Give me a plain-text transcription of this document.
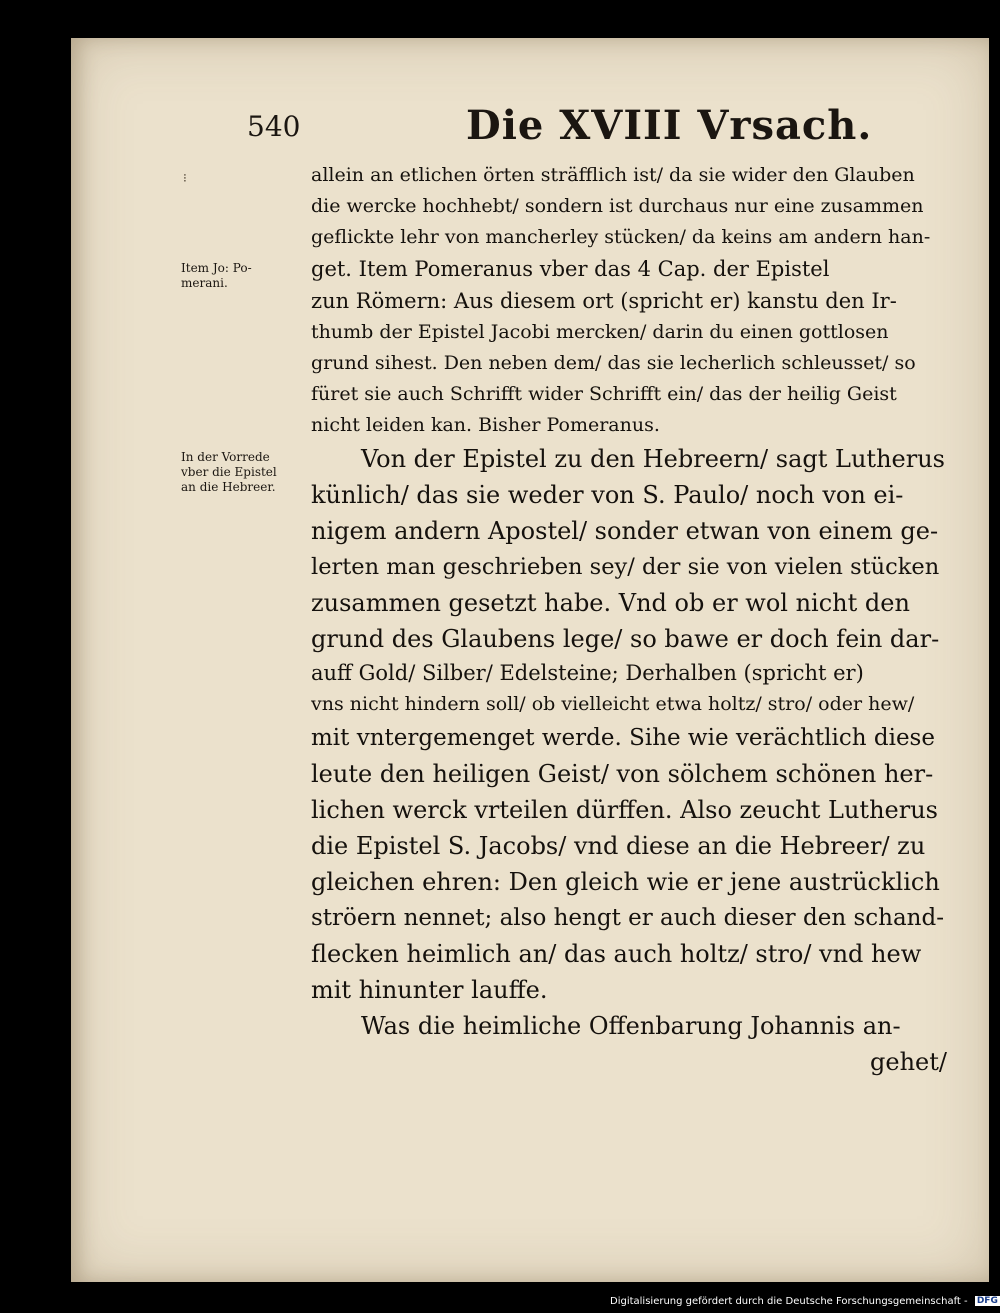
540	Die XVIII Vrsach.
⁝
Item Jo: Po-
merani.
In der Vorrede
vber die Epistel
an die Hebreer.
allein an etlichen örten sträfflich ist/ da sie wider den Glauben
die wercke hochhebt/ sondern ist durchaus nur eine zusammen
geflickte lehr von mancherley stücken/ da keins am andern han-
get. Item Pomeranus vber das 4 Cap. der Epistel
zun Römern: Aus diesem ort (spricht er) kanstu den Ir-
thumb der Epistel Jacobi mercken/ darin du einen gottlosen
grund sihest. Den neben dem/ das sie lecherlich schleusset/ so
füret sie auch Schrifft wider Schrifft ein/ das der heilig Geist
nicht leiden kan. Bisher Pomeranus.
Von der Epistel zu den Hebreern/ sagt Lutherus
künlich/ das sie weder von S. Paulo/ noch von ei-
nigem andern Apostel/ sonder etwan von einem ge-
lerten man geschrieben sey/ der sie von vielen stücken
zusammen gesetzt habe. Vnd ob er wol nicht den
grund des Glaubens lege/ so bawe er doch fein dar-
auff Gold/ Silber/ Edelsteine; Derhalben (spricht er)
vns nicht hindern soll/ ob vielleicht etwa holtz/ stro/ oder hew/
mit vntergemenget werde. Sihe wie verächtlich diese
leute den heiligen Geist/ von sölchem schönen her-
lichen werck vrteilen dürffen. Also zeucht Lutherus
die Epistel S. Jacobs/ vnd diese an die Hebreer/ zu
gleichen ehren: Den gleich wie er jene austrücklich
ströern nennet; also hengt er auch dieser den schand-
flecken heimlich an/ das auch holtz/ stro/ vnd hew
mit hinunter lauffe.
Was die heimliche Offenbarung Johannis an-
gehet/
Digitalisierung gefördert durch die Deutsche Forschungsgemeinschaft - DFG
